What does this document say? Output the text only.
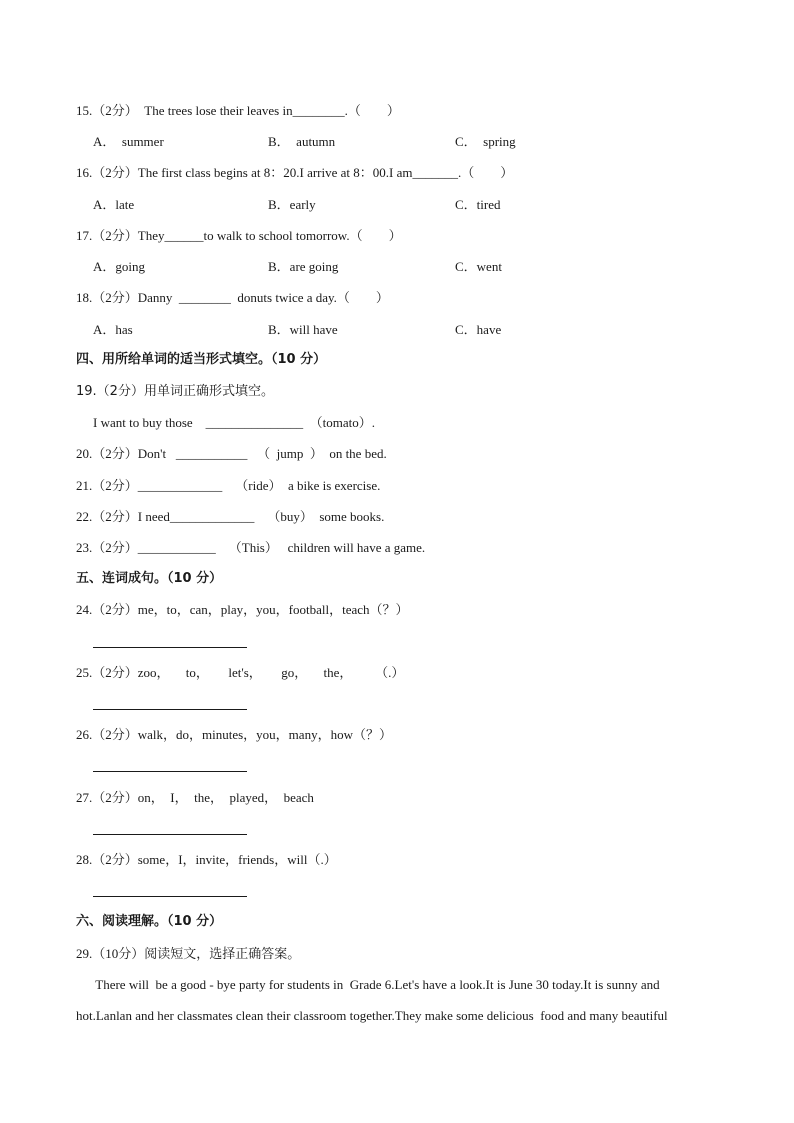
15.（2分）  The trees lose their leaves in________.（　　）
A．  summer	B．  autumn	C．  spring
16.（2分）The first class begins at 8：20.I arrive at 8：00.I am_______.（　　）
A．late	B．early	C．tired
17.（2分）They______to walk to school tomorrow.（　　）
A．going	B．are going	C．went
18.（2分）Danny  ________  donuts twice a day.（　　）
A．has	B．will have	C．have
四、用所给单词的适当形式填空。（10 分）
19.（2分）用单词正确形式填空。
I want to buy those    _______________  （tomato）.
20.（2分）Don't   ___________   （  jump  ）  on the bed.
21.（2分）_____________    （ride）  a bike is exercise.
22.（2分）I need_____________    （buy）  some books.
23.（2分）____________    （This）   children will have a game.
五、连词成句。（10 分）
24.（2分）me，to，can，play，you，football，teach（？）
25.（2分）zoo，     to，      let's，      go，     the，       （.）
26.（2分）walk，do，minutes，you，many，how（？）
27.（2分）on，  I，  the，  played，  beach
28.（2分）some，I，invite，friends，will（.）
六、阅读理解。（10 分）
29.（10分）阅读短文，选择正确答案。
There will  be a good - bye party for students in  Grade 6.Let's have a look.It is June 30 today.It is sunny and
hot.Lanlan and her classmates clean their classroom together.They make some delicious  food and many beautiful
